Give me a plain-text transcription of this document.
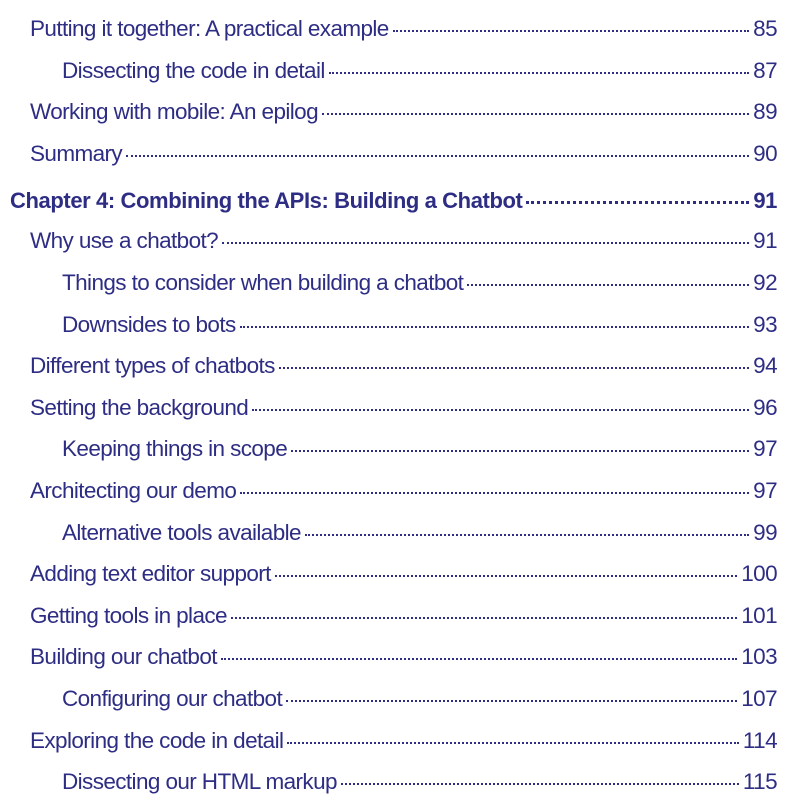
Putting it together: A practical example	85
Dissecting the code in detail	87
Working with mobile: An epilog	89
Summary	90
Chapter 4: Combining the APIs: Building a Chatbot	91
Why use a chatbot?	91
Things to consider when building a chatbot	92
Downsides to bots	93
Different types of chatbots	94
Setting the background	96
Keeping things in scope	97
Architecting our demo	97
Alternative tools available	99
Adding text editor support	100
Getting tools in place	101
Building our chatbot	103
Configuring our chatbot	107
Exploring the code in detail	114
Dissecting our HTML markup	115
